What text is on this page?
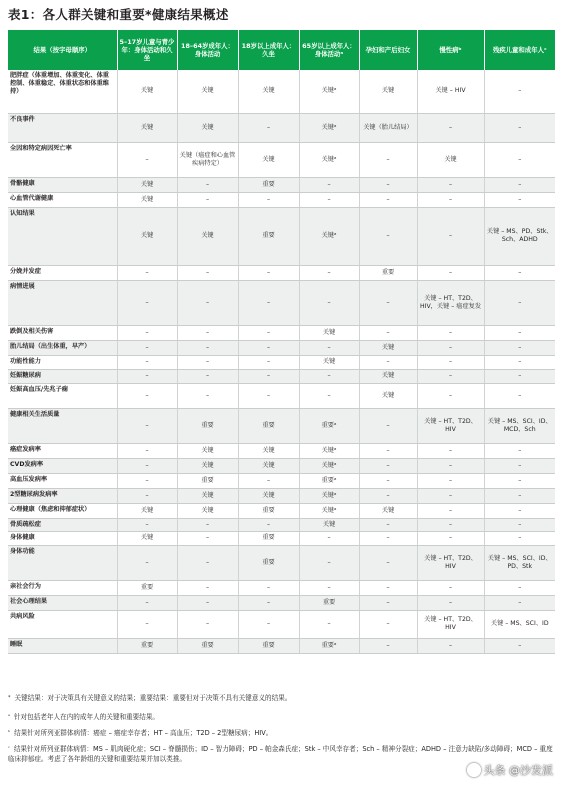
表1：各人群关键和重要*健康结果概述
结果（按字母顺序）	5–17岁儿童与青少年：身体活动和久坐	18–64岁成年人：身体活动	18岁以上成年人：久坐	65岁以上成年人：身体活动ᵃ	孕妇和产后妇女	慢性病ᵇ	残疾儿童和成年人ᶜ
肥胖症（体重增加、体重变化、体重控制、体重稳定、体重状态和体重维持）	关键	关键	关键	关键ᵃ	关键	关键 – HIV	–
不良事件	关键	关键	–	关键ᵃ	关键（胎儿结局）	–	–
全因和特定病因死亡率	–	关键（癌症和心血管疾病特定）	关键	关键ᵃ	–	关键	–
骨骼健康	关键	–	重要	–	–	–	–
心血管代谢健康	关键	–	–	–	–	–	–
认知结果	关键	关键	重要	关键ᵃ	–	–	关键 – MS、PD、Stk、Sch、ADHD
分娩并发症	–	–	–	–	重要	–	–
病情进展	–	–	–	–	–	关键 – HT、T2D、HIV，关键 – 癌症复发	–
跌倒及相关伤害	–	–	–	关键	–	–	–
胎儿结局（出生体重，早产）	–	–	–	–	关键	–	–
功能性能力	–	–	–	关键	–	–	–
妊娠糖尿病	–	–	–	–	关键	–	–
妊娠高血压/先兆子痫	–	–	–	–	关键	–	–
健康相关生活质量	–	重要	重要	重要ᵃ	–	关键 – HT、T2D、HIV	关键 – MS、SCI、ID、MCD、Sch
癌症发病率	–	关键	关键	关键ᵃ	–	–	–
CVD发病率	–	关键	关键	关键ᵃ	–	–	–
高血压发病率	–	重要	–	重要ᵃ	–	–	–
2型糖尿病发病率	–	关键	关键	关键ᵃ	–	–	–
心理健康（焦虑和抑郁症状）	关键	关键	重要	关键ᵃ	关键	–	–
骨质疏松症	–	–	–	关键	–	–	–
身体健康	关键	–	重要	–	–	–	–
身体功能	–	–	重要	–	–	关键 – HT、T2D、HIV	关键 – MS、SCI、ID、PD、Stk
亲社会行为	重要	–	–	–	–	–	–
社会心理结果	–	–	–	重要	–	–	–
共病风险	–	–	–	–	–	关键 – HT、T2D、HIV	关键 – MS、SCI、ID
睡眠	重要	重要	重要	重要ᵃ	–	–	–
* 关键结果：对于决策具有关键意义的结果；重要结果：重要但对于决策不具有关键意义的结果。
$^ᵃ$ 针对包括老年人在内的成年人的关键和重要结果。
$^ᵇ$ 结果针对所列亚群体病情：癌症 – 癌症幸存者；HT – 高血压；T2D – 2型糖尿病；HIV。
$^ᶜ$ 结果针对所列亚群体病情：MS – 肌肉硬化症；SCI – 脊髓损伤；ID – 智力障碍；PD – 帕金森氏症；Stk – 中风幸存者；Sch – 精神分裂症；ADHD – 注意力缺陷/多动障碍；MCD – 重度临床抑郁症。考虑了各年龄组的关键和重要结果并加以类推。
头条 @沙发派
